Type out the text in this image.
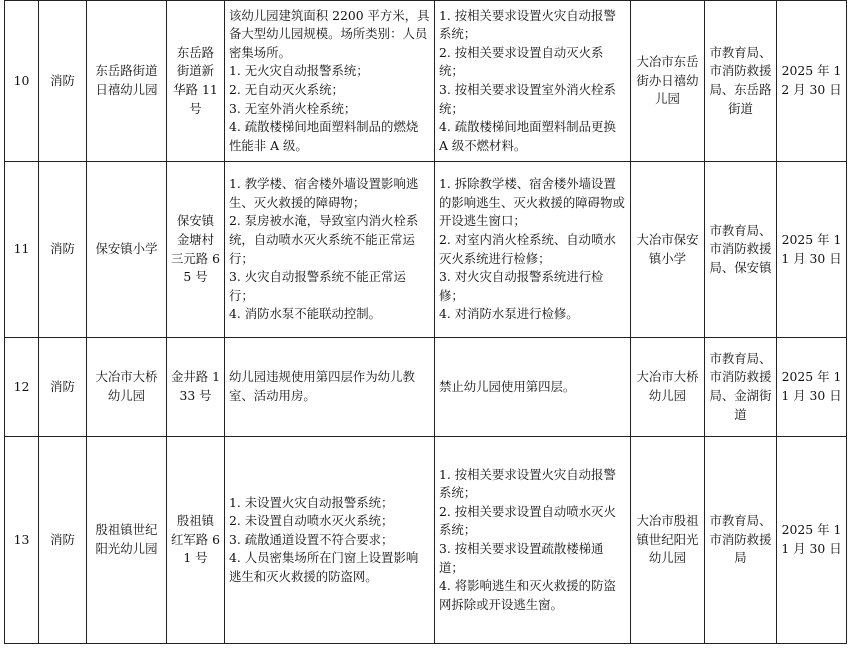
10	消防	东岳路街道日禧幼儿园	东岳路街道新华路 11 号	该幼儿园建筑面积 2200 平方米，具备大型幼儿园规模。场所类别：人员密集场所。
1. 无火灾自动报警系统；
2. 无自动灭火系统；
3. 无室外消火栓系统；
4. 疏散楼梯间地面塑料制品的燃烧性能非 A 级。	1. 按相关要求设置火灾自动报警系统；
2. 按相关要求设置自动灭火系统；
3. 按相关要求设置室外消火栓系统；
4. 疏散楼梯间地面塑料制品更换 A 级不燃材料。	大冶市东岳街办日禧幼儿园	市教育局、市消防救援局、东岳路街道	2025 年 12 月 30 日
11	消防	保安镇小学	保安镇金塘村三元路 65 号	1. 教学楼、宿舍楼外墙设置影响逃生、灭火救援的障碍物；
2. 泵房被水淹，导致室内消火栓系统，自动喷水灭火系统不能正常运行；
3. 火灾自动报警系统不能正常运行；
4. 消防水泵不能联动控制。	1. 拆除教学楼、宿舍楼外墙设置的影响逃生、灭火救援的障碍物或开设逃生窗口；
2. 对室内消火栓系统、自动喷水灭火系统进行检修；
3. 对火灾自动报警系统进行检修；
4. 对消防水泵进行检修。	大冶市保安镇小学	市教育局、市消防救援局、保安镇	2025 年 11 月 30 日
12	消防	大冶市大桥幼儿园	金井路 133 号	幼儿园违规使用第四层作为幼儿教室、活动用房。	禁止幼儿园使用第四层。	大冶市大桥幼儿园	市教育局、市消防救援局、金湖街道	2025 年 11 月 30 日
13	消防	殷祖镇世纪阳光幼儿园	殷祖镇红军路 61 号	1. 未设置火灾自动报警系统；
2. 未设置自动喷水灭火系统；
3. 疏散通道设置不符合要求；
4. 人员密集场所在门窗上设置影响逃生和灭火救援的防盗网。	1. 按相关要求设置火灾自动报警系统；
2. 按相关要求设置自动喷水灭火系统；
3. 按相关要求设置疏散楼梯通道；
4. 将影响逃生和灭火救援的防盗网拆除或开设逃生窗。	大冶市殷祖镇世纪阳光幼儿园	市教育局、市消防救援局	2025 年 11 月 30 日
